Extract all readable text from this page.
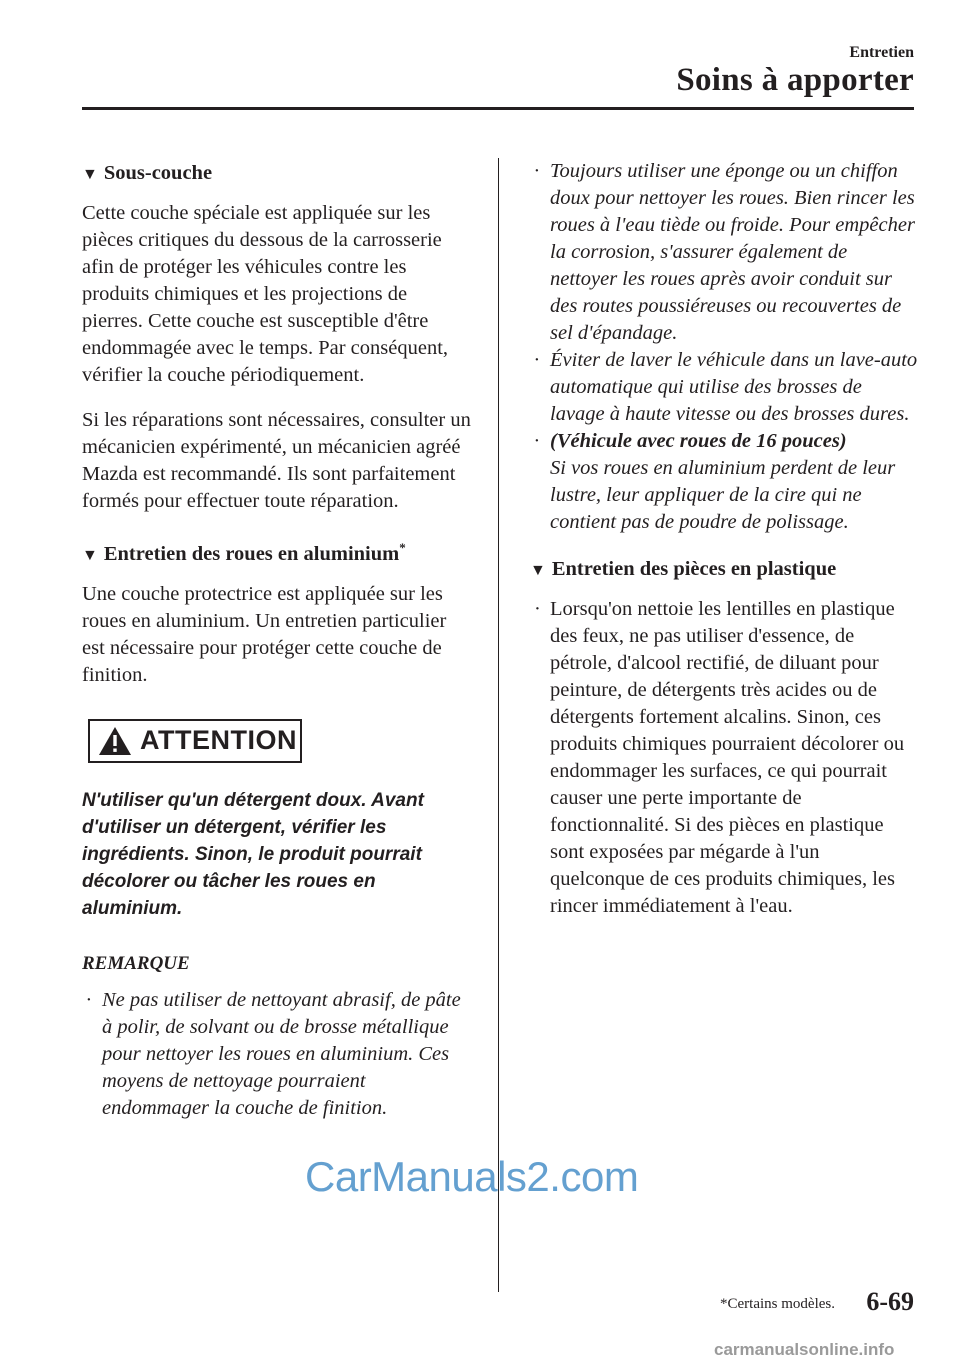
Entretien
Soins à apporter
▼ Sous-couche

Cette couche spéciale est appliquée sur les pièces critiques du dessous de la carrosserie afin de protéger les véhicules contre les produits chimiques et les projections de pierres. Cette couche est susceptible d'être endommagée avec le temps. Par conséquent, vérifier la couche périodiquement.

Si les réparations sont nécessaires, consulter un mécanicien expérimenté, un mécanicien agréé Mazda est recommandé. Ils sont parfaitement formés pour effectuer toute réparation.

▼ Entretien des roues en aluminium*

Une couche protectrice est appliquée sur les roues en aluminium. Un entretien particulier est nécessaire pour protéger cette couche de finition.

ATTENTION

N'utiliser qu'un détergent doux. Avant d'utiliser un détergent, vérifier les ingrédients. Sinon, le produit pourrait décolorer ou tâcher les roues en aluminium.

REMARQUE
· Ne pas utiliser de nettoyant abrasif, de pâte à polir, de solvant ou de brosse métallique pour nettoyer les roues en aluminium. Ces moyens de nettoyage pourraient endommager la couche de finition.
· Toujours utiliser une éponge ou un chiffon doux pour nettoyer les roues. Bien rincer les roues à l'eau tiède ou froide. Pour empêcher la corrosion, s'assurer également de nettoyer les roues après avoir conduit sur des routes poussiéreuses ou recouvertes de sel d'épandage.
· Éviter de laver le véhicule dans un lave-auto automatique qui utilise des brosses de lavage à haute vitesse ou des brosses dures.
· (Véhicule avec roues de 16 pouces)
Si vos roues en aluminium perdent de leur lustre, leur appliquer de la cire qui ne contient pas de poudre de polissage.
▼ Entretien des pièces en plastique
· Lorsqu'on nettoie les lentilles en plastique des feux, ne pas utiliser d'essence, de pétrole, d'alcool rectifié, de diluant pour peinture, de détergents très acides ou de détergents fortement alcalins. Sinon, ces produits chimiques pourraient décolorer ou endommager les surfaces, ce qui pourrait causer une perte importante de fonctionnalité. Si des pièces en plastique sont exposées par mégarde à l'un quelconque de ces produits chimiques, les rincer immédiatement à l'eau.
CarManuals2.com
*Certains modèles. 6-69
carmanualsonline.info
